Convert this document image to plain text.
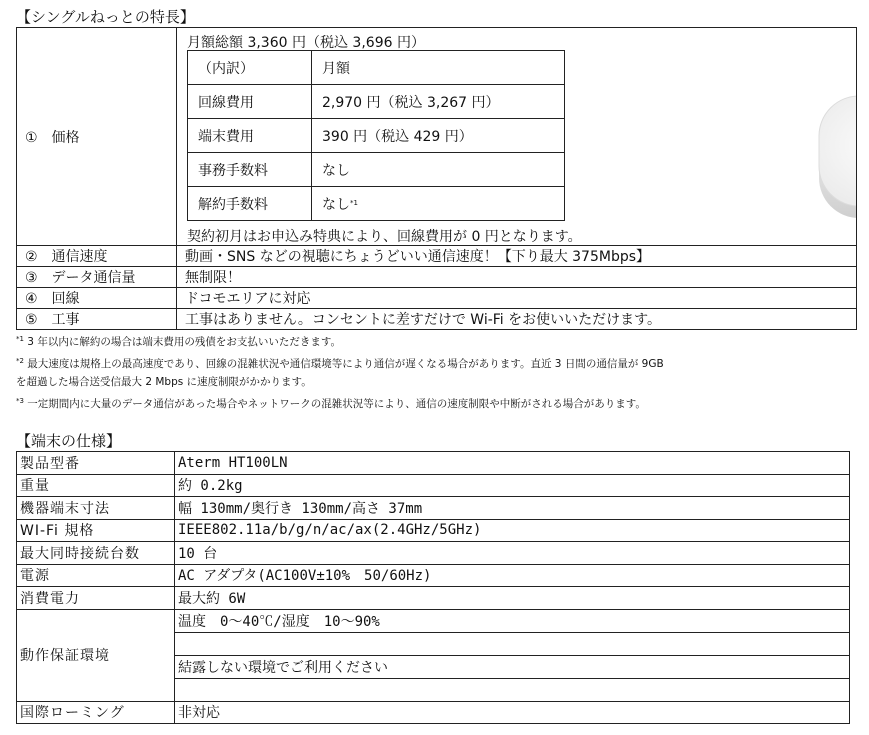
【シングルねっとの特長】
①　価格	
月額総額 3,360 円（税込 3,696 円）
（内訳）	月額
回線費用	2,970 円（税込 3,267 円）
端末費用	390 円（税込 429 円）
事務手数料	なし
解約手数料	なし$^{*1}$
契約初月はお申込み特典により、回線費用が 0 円となります。

②　通信速度	動画・SNS などの視聴にちょうどいい通信速度！【下り最大 375Mbps】
③　データ通信量	無制限！
④　回線	ドコモエリアに対応
⑤　工事	工事はありません。コンセントに差すだけで Wi-Fi をお使いいただけます。
$^{*1}$ 3 年以内に解約の場合は端末費用の残債をお支払いいただきます。
$^{*2}$ 最大速度は規格上の最高速度であり、回線の混雑状況や通信環境等により通信が遅くなる場合があります。直近 3 日間の通信量が 9GB
を超過した場合送受信最大 2 Mbps に速度制限がかかります。
$^{*3}$ 一定期間内に大量のデータ通信があった場合やネットワークの混雑状況等により、通信の速度制限や中断がされる場合があります。
【端末の仕様】
製品型番	Aterm HT100LN
重量	約 0.2kg
機器端末寸法	幅 130mm/奥行き 130mm/高さ 37mm
WI-Fi 規格	IEEE802.11a/b/g/n/ac/ax(2.4GHz/5GHz)
最大同時接続台数	10 台
電源	AC アダプタ(AC100V±10%　50/60Hz)
消費電力	最大約 6W
動作保証環境	温度　0〜40℃/湿度　10〜90%

	結露しない環境でご利用ください

国際ローミング	非対応
